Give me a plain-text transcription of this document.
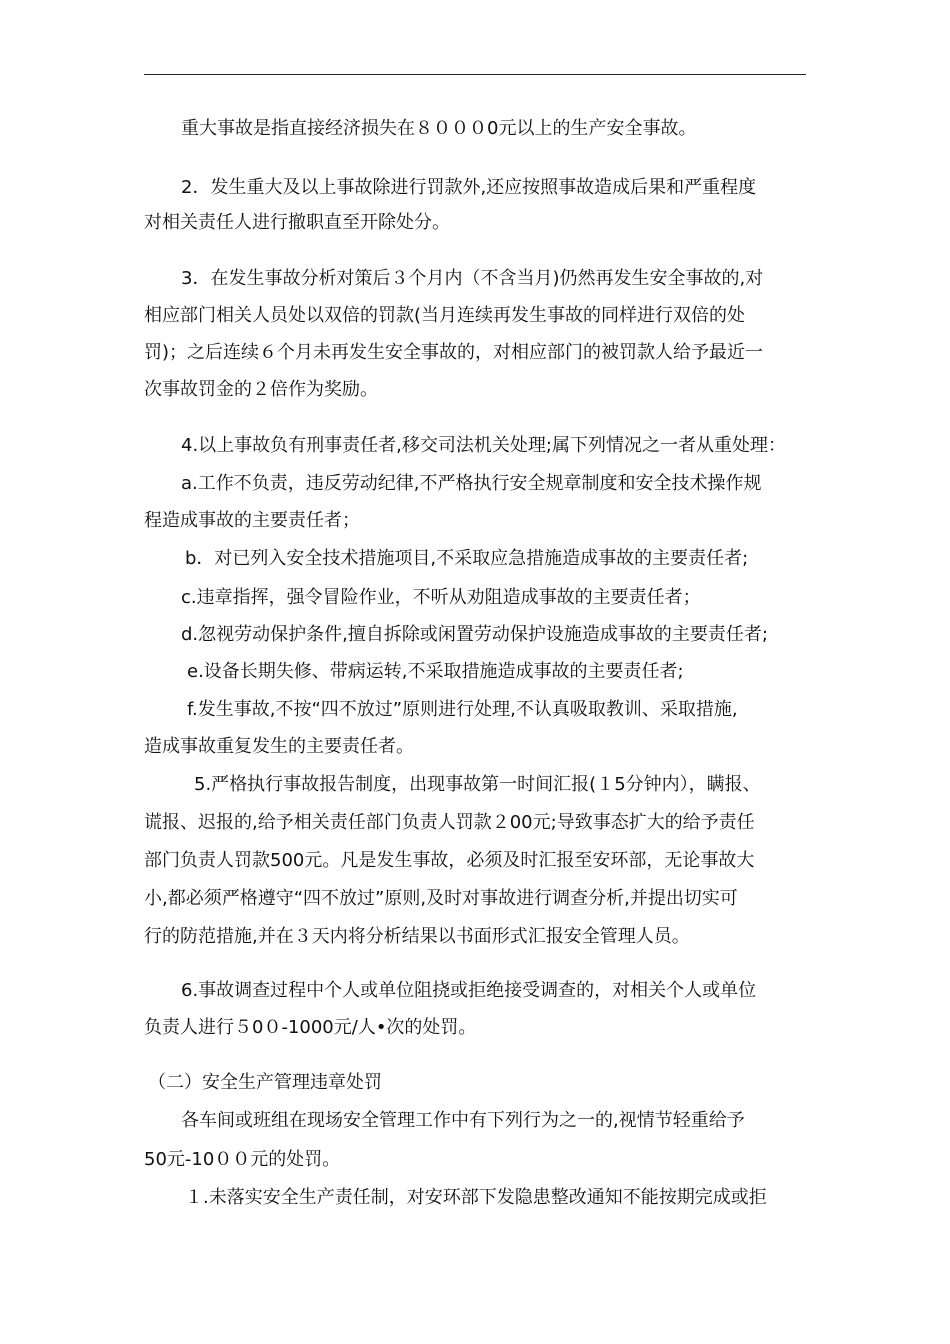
重大事故是指直接经济损失在８０００0元以上的生产安全事故。
2．发生重大及以上事故除进行罚款外,还应按照事故造成后果和严重程度
对相关责任人进行撤职直至开除处分。
3．在发生事故分析对策后３个月内（不含当月)仍然再发生安全事故的,对
相应部门相关人员处以双倍的罚款(当月连续再发生事故的同样进行双倍的处
罚)；之后连续６个月未再发生安全事故的，对相应部门的被罚款人给予最近一
次事故罚金的２倍作为奖励。
4.以上事故负有刑事责任者,移交司法机关处理;属下列情况之一者从重处理：
a.工作不负责，违反劳动纪律,不严格执行安全规章制度和安全技术操作规
程造成事故的主要责任者；
b．对已列入安全技术措施项目,不采取应急措施造成事故的主要责任者;
c.违章指挥，强令冒险作业，不听从劝阻造成事故的主要责任者；
d.忽视劳动保护条件,擅自拆除或闲置劳动保护设施造成事故的主要责任者;
e.设备长期失修、带病运转,不采取措施造成事故的主要责任者;
f.发生事故,不按“四不放过”原则进行处理,不认真吸取教训、采取措施,
造成事故重复发生的主要责任者。
5.严格执行事故报告制度，出现事故第一时间汇报(１5分钟内），瞒报、
谎报、迟报的,给予相关责任部门负责人罚款２00元;导致事态扩大的给予责任
部门负责人罚款500元。凡是发生事故，必须及时汇报至安环部，无论事故大
小,都必须严格遵守“四不放过”原则,及时对事故进行调查分析,并提出切实可
行的防范措施,并在３天内将分析结果以书面形式汇报安全管理人员。
6.事故调查过程中个人或单位阻挠或拒绝接受调查的，对相关个人或单位
负责人进行５0０-1000元/人•次的处罚。
（二）安全生产管理违章处罚
各车间或班组在现场安全管理工作中有下列行为之一的,视情节轻重给予
50元-10００元的处罚。
１.未落实安全生产责任制，对安环部下发隐患整改通知不能按期完成或拒
